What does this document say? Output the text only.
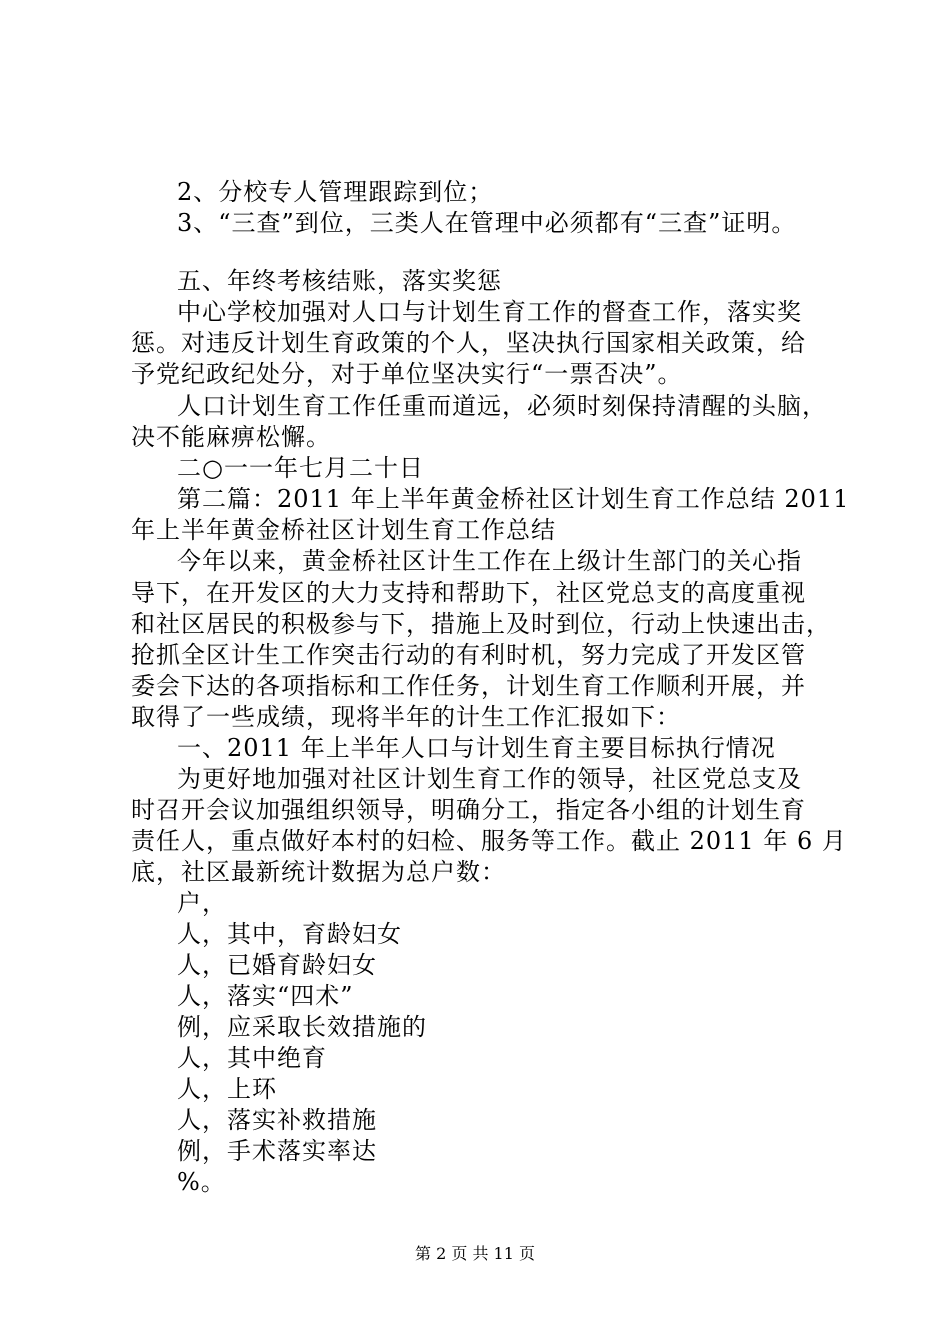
2、分校专人管理跟踪到位；
3、“三查”到位，三类人在管理中必须都有“三查”证明。
五、年终考核结账，落实奖惩
中心学校加强对人口与计划生育工作的督查工作，落实奖
惩。对违反计划生育政策的个人，坚决执行国家相关政策，给
予党纪政纪处分，对于单位坚决实行“一票否决”。
人口计划生育工作任重而道远，必须时刻保持清醒的头脑，
决不能麻痹松懈。
二○一一年七月二十日
第二篇：2011 年上半年黄金桥社区计划生育工作总结 2011
年上半年黄金桥社区计划生育工作总结
今年以来，黄金桥社区计生工作在上级计生部门的关心指
导下，在开发区的大力支持和帮助下，社区党总支的高度重视
和社区居民的积极参与下，措施上及时到位，行动上快速出击，
抢抓全区计生工作突击行动的有利时机，努力完成了开发区管
委会下达的各项指标和工作任务，计划生育工作顺利开展，并
取得了一些成绩，现将半年的计生工作汇报如下：
一、2011 年上半年人口与计划生育主要目标执行情况
为更好地加强对社区计划生育工作的领导，社区党总支及
时召开会议加强组织领导，明确分工，指定各小组的计划生育
责任人，重点做好本村的妇检、服务等工作。截止 2011 年 6 月
底，社区最新统计数据为总户数：
户，
人，其中，育龄妇女
人，已婚育龄妇女
人，落实“四术”
例，应采取长效措施的
人，其中绝育
人，上环
人，落实补救措施
例，手术落实率达
%。
第 2 页 共 11 页
